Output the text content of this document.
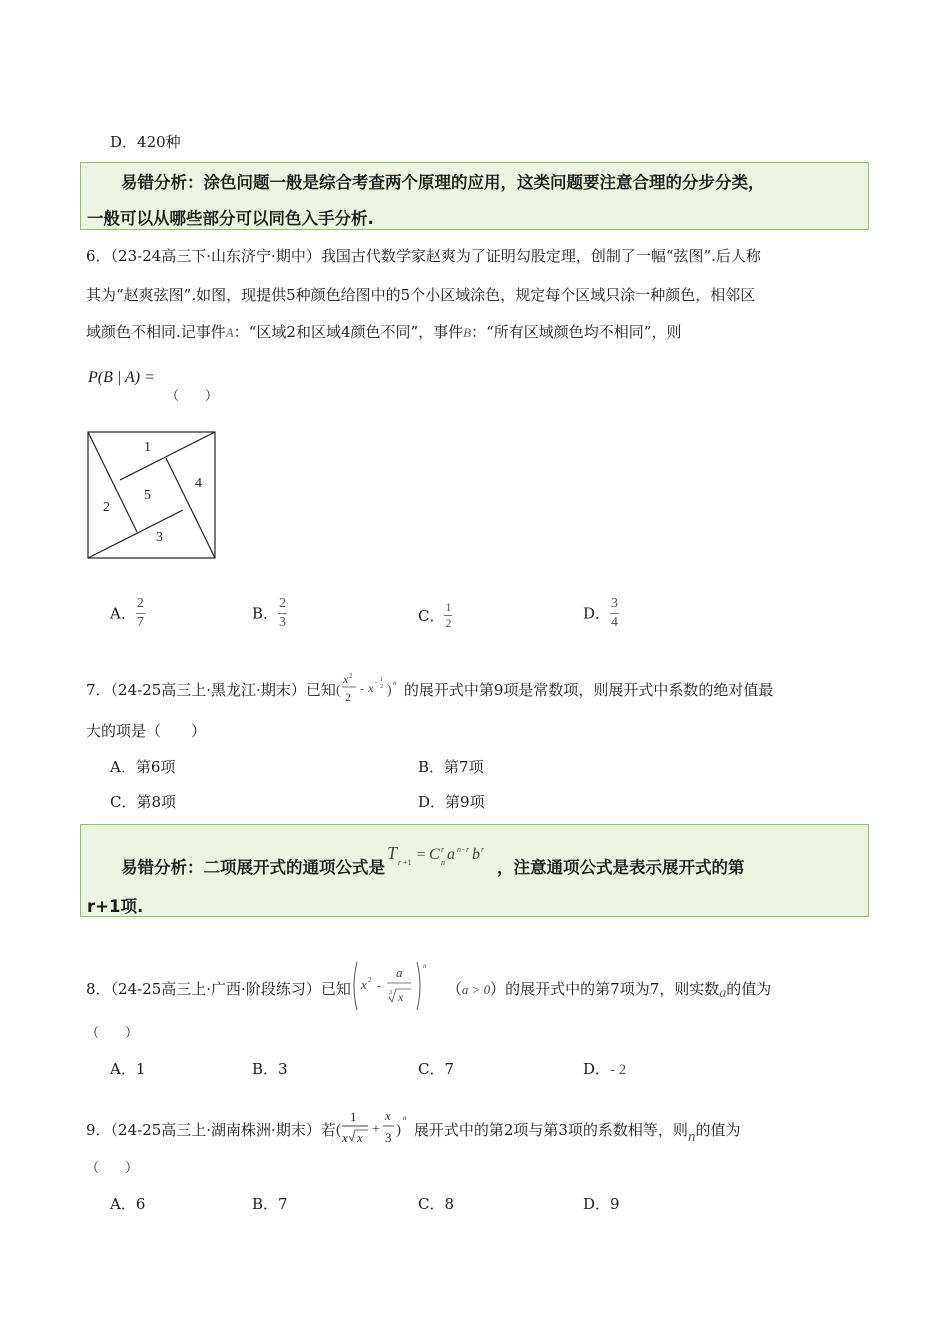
D．420种
易错分析：涂色问题一般是综合考查两个原理的应用，这类问题要注意合理的分步分类，
一般可以从哪些部分可以同色入手分析.
6．（23-24高三下·山东济宁·期中）我国古代数学家赵爽为了证明勾股定理，创制了一幅“弦图”.后人称
其为“赵爽弦图”.如图，现提供5种颜色给图中的5个小区域涂色，规定每个区域只涂一种颜色，相邻区
域颜色不相同.记事件A：“区域2和区域4颜色不同”，事件B：“所有区域颜色均不相同”，则
P(B | A) =
（　　）
1
2
3
4
5
A． $\frac{2}{7}$	B． $\frac{2}{3}$	C． $\frac{1}{2}$	D． $\frac{3}{4}$
7．（24-25高三上·黑龙江·期末）已知 (
x 2
2
- x - 1
2 ) n 的展开式中第9项是常数项，则展开式中系数的绝对值最
大的项是（　　）
A．第6项	B．第7项
C．第8项	D．第9项
易错分析：二项展开式的通项公式是
T r +1 = C r
n a n - r b r
，注意通项公式是表示展开式的第
r+1项.
8．（24-25高三上·广西·阶段练习）已知 x 2 -
a
3 x
n
（a > 0）的展开式中的第7项为7，则实数a的值为
（　　）
A．1	B．3	C．7	D．- 2
9．（24-25高三上·湖南株洲·期末）若 (
1
x x
+
x
3 )
n
展开式中的第2项与第3项的系数相等，则n的值为
（　　）
A．6	B．7	C．8	D．9
